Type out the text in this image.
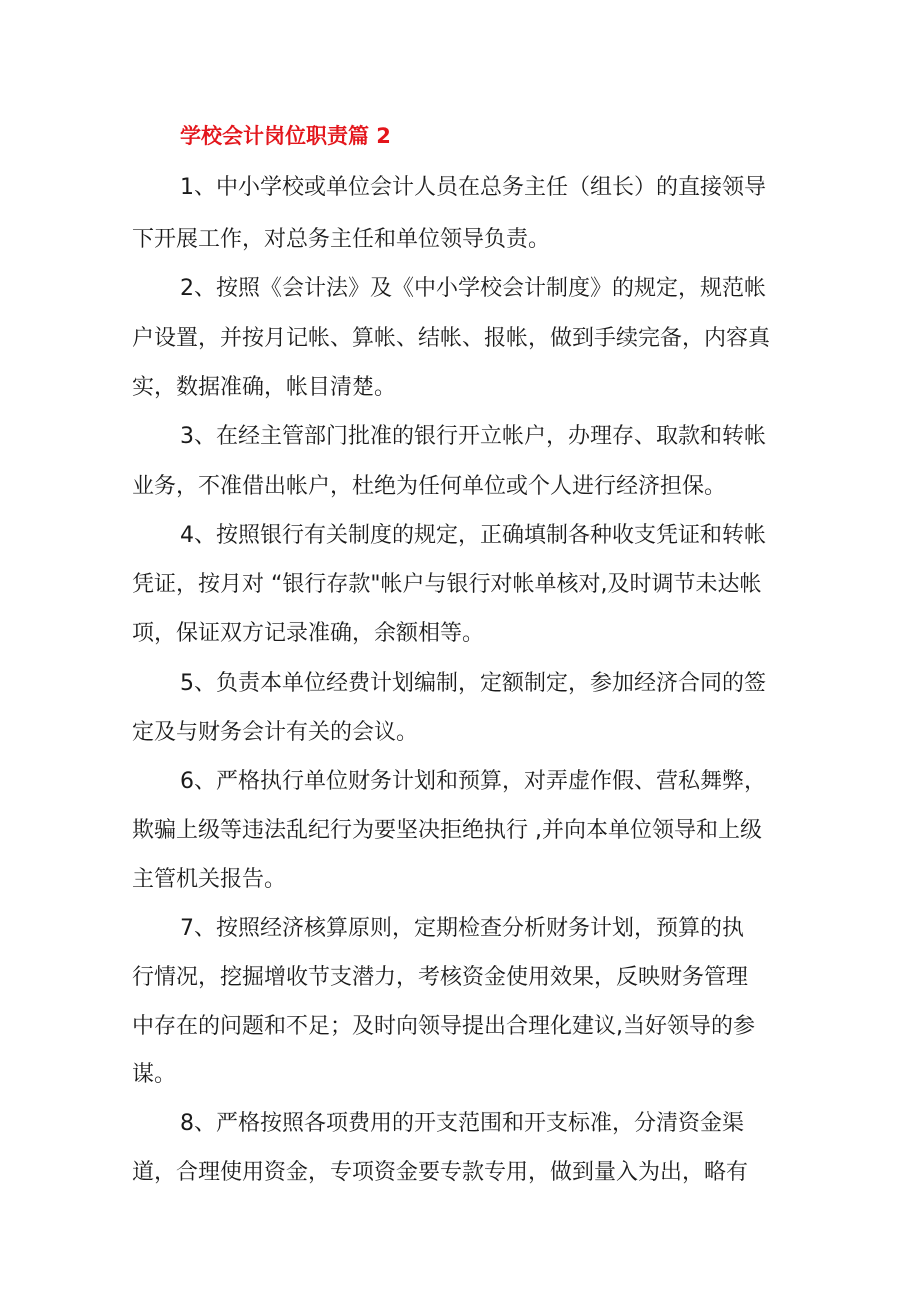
学校会计岗位职责篇 2

1、中小学校或单位会计人员在总务主任（组长）的直接领导

下开展工作，对总务主任和单位领导负责。

2、按照《会计法》及《中小学校会计制度》的规定，规范帐

户设置，并按月记帐、算帐、结帐、报帐，做到手续完备，内容真

实，数据准确，帐目清楚。

3、在经主管部门批准的银行开立帐户，办理存、取款和转帐

业务，不准借出帐户，杜绝为任何单位或个人进行经济担保。

4、按照银行有关制度的规定，正确填制各种收支凭证和转帐

凭证，按月对 “银行存款"帐户与银行对帐单核对,及时调节未达帐

项，保证双方记录准确，余额相等。

5、负责本单位经费计划编制，定额制定，参加经济合同的签

定及与财务会计有关的会议。

6、严格执行单位财务计划和预算，对弄虚作假、营私舞弊，

欺骗上级等违法乱纪行为要坚决拒绝执行 ,并向本单位领导和上级

主管机关报告。

7、按照经济核算原则，定期检查分析财务计划，预算的执

行情况，挖掘增收节支潜力，考核资金使用效果，反映财务管理

中存在的问题和不足；及时向领导提出合理化建议,当好领导的参

谋。

8、严格按照各项费用的开支范围和开支标准，分清资金渠

道，合理使用资金，专项资金要专款专用，做到量入为出，略有
